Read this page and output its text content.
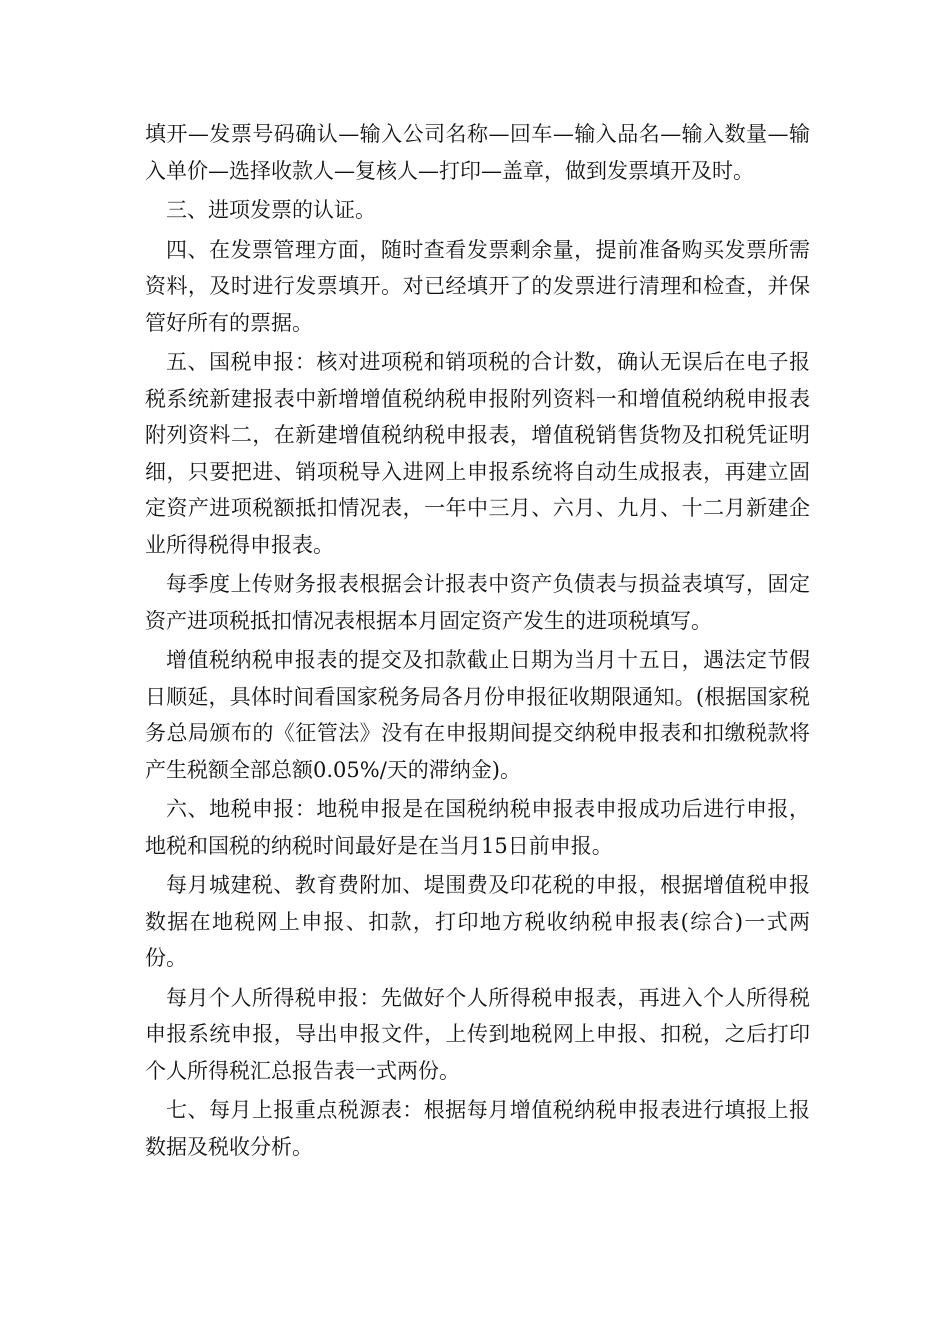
填开—发票号码确认—输入公司名称—回车—输入品名—输入数量—输入单价—选择收款人—复核人—打印—盖章，做到发票填开及时。

三、进项发票的认证。

四、在发票管理方面，随时查看发票剩余量，提前准备购买发票所需资料，及时进行发票填开。对已经填开了的发票进行清理和检查，并保管好所有的票据。

五、国税申报：核对进项税和销项税的合计数，确认无误后在电子报税系统新建报表中新增增值税纳税申报附列资料一和增值税纳税申报表附列资料二，在新建增值税纳税申报表，增值税销售货物及扣税凭证明细，只要把进、销项税导入进网上申报系统将自动生成报表，再建立固定资产进项税额抵扣情况表，一年中三月、六月、九月、十二月新建企业所得税得申报表。

每季度上传财务报表根据会计报表中资产负债表与损益表填写，固定资产进项税抵扣情况表根据本月固定资产发生的进项税填写。

增值税纳税申报表的提交及扣款截止日期为当月十五日，遇法定节假日顺延，具体时间看国家税务局各月份申报征收期限通知。(根据国家税务总局颁布的《征管法》没有在申报期间提交纳税申报表和扣缴税款将产生税额全部总额0.05%/天的滞纳金)。

六、地税申报：地税申报是在国税纳税申报表申报成功后进行申报，地税和国税的纳税时间最好是在当月15日前申报。

每月城建税、教育费附加、堤围费及印花税的申报，根据增值税申报数据在地税网上申报、扣款，打印地方税收纳税申报表(综合)一式两份。

每月个人所得税申报：先做好个人所得税申报表，再进入个人所得税申报系统申报，导出申报文件，上传到地税网上申报、扣税，之后打印个人所得税汇总报告表一式两份。

七、每月上报重点税源表：根据每月增值税纳税申报表进行填报上报数据及税收分析。
